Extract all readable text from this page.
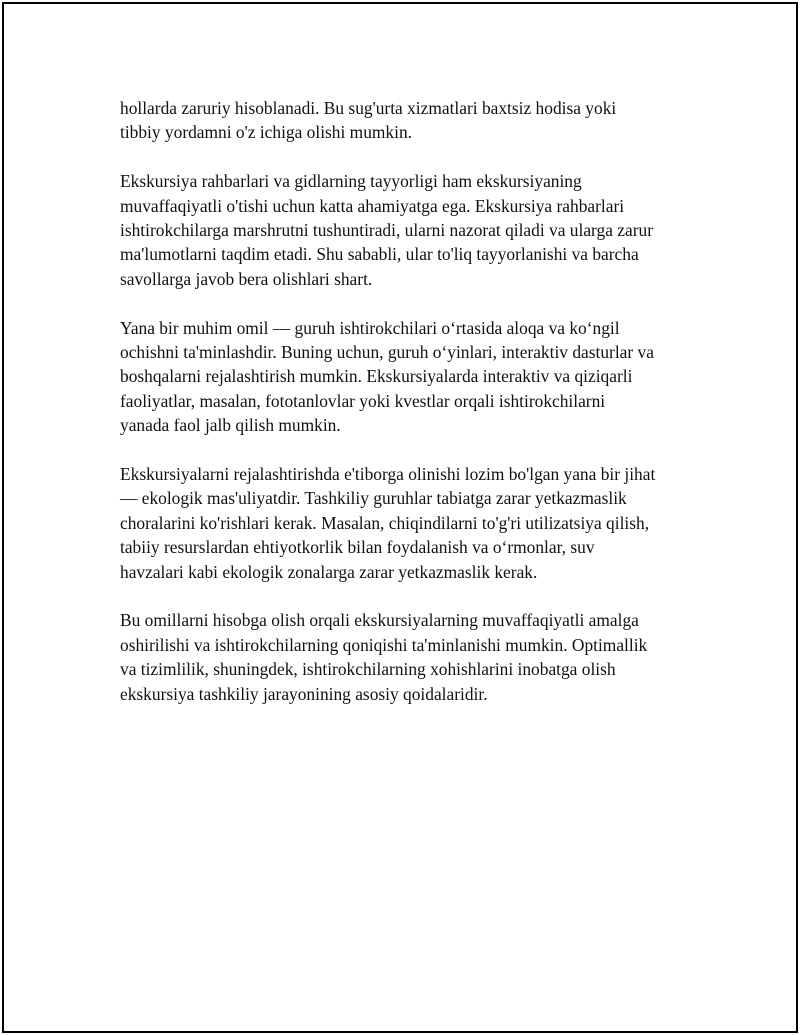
hollarda zaruriy hisoblanadi. Bu sug'urta xizmatlari baxtsiz hodisa yoki
tibbiy yordamni o'z ichiga olishi mumkin.

Ekskursiya rahbarlari va gidlarning tayyorligi ham ekskursiyaning
muvaffaqiyatli o'tishi uchun katta ahamiyatga ega. Ekskursiya rahbarlari
ishtirokchilarga marshrutni tushuntiradi, ularni nazorat qiladi va ularga zarur
ma'lumotlarni taqdim etadi. Shu sababli, ular to'liq tayyorlanishi va barcha
savollarga javob bera olishlari shart.

Yana bir muhim omil — guruh ishtirokchilari o‘rtasida aloqa va ko‘ngil
ochishni ta'minlashdir. Buning uchun, guruh o‘yinlari, interaktiv dasturlar va
boshqalarni rejalashtirish mumkin. Ekskursiyalarda interaktiv va qiziqarli
faoliyatlar, masalan, fototanlovlar yoki kvestlar orqali ishtirokchilarni
yanada faol jalb qilish mumkin.

Ekskursiyalarni rejalashtirishda e'tiborga olinishi lozim bo'lgan yana bir jihat
— ekologik mas'uliyatdir. Tashkiliy guruhlar tabiatga zarar yetkazmaslik
choralarini ko'rishlari kerak. Masalan, chiqindilarni to'g'ri utilizatsiya qilish,
tabiiy resurslardan ehtiyotkorlik bilan foydalanish va o‘rmonlar, suv
havzalari kabi ekologik zonalarga zarar yetkazmaslik kerak.

Bu omillarni hisobga olish orqali ekskursiyalarning muvaffaqiyatli amalga
oshirilishi va ishtirokchilarning qoniqishi ta'minlanishi mumkin. Optimallik
va tizimlilik, shuningdek, ishtirokchilarning xohishlarini inobatga olish
ekskursiya tashkiliy jarayonining asosiy qoidalaridir.
